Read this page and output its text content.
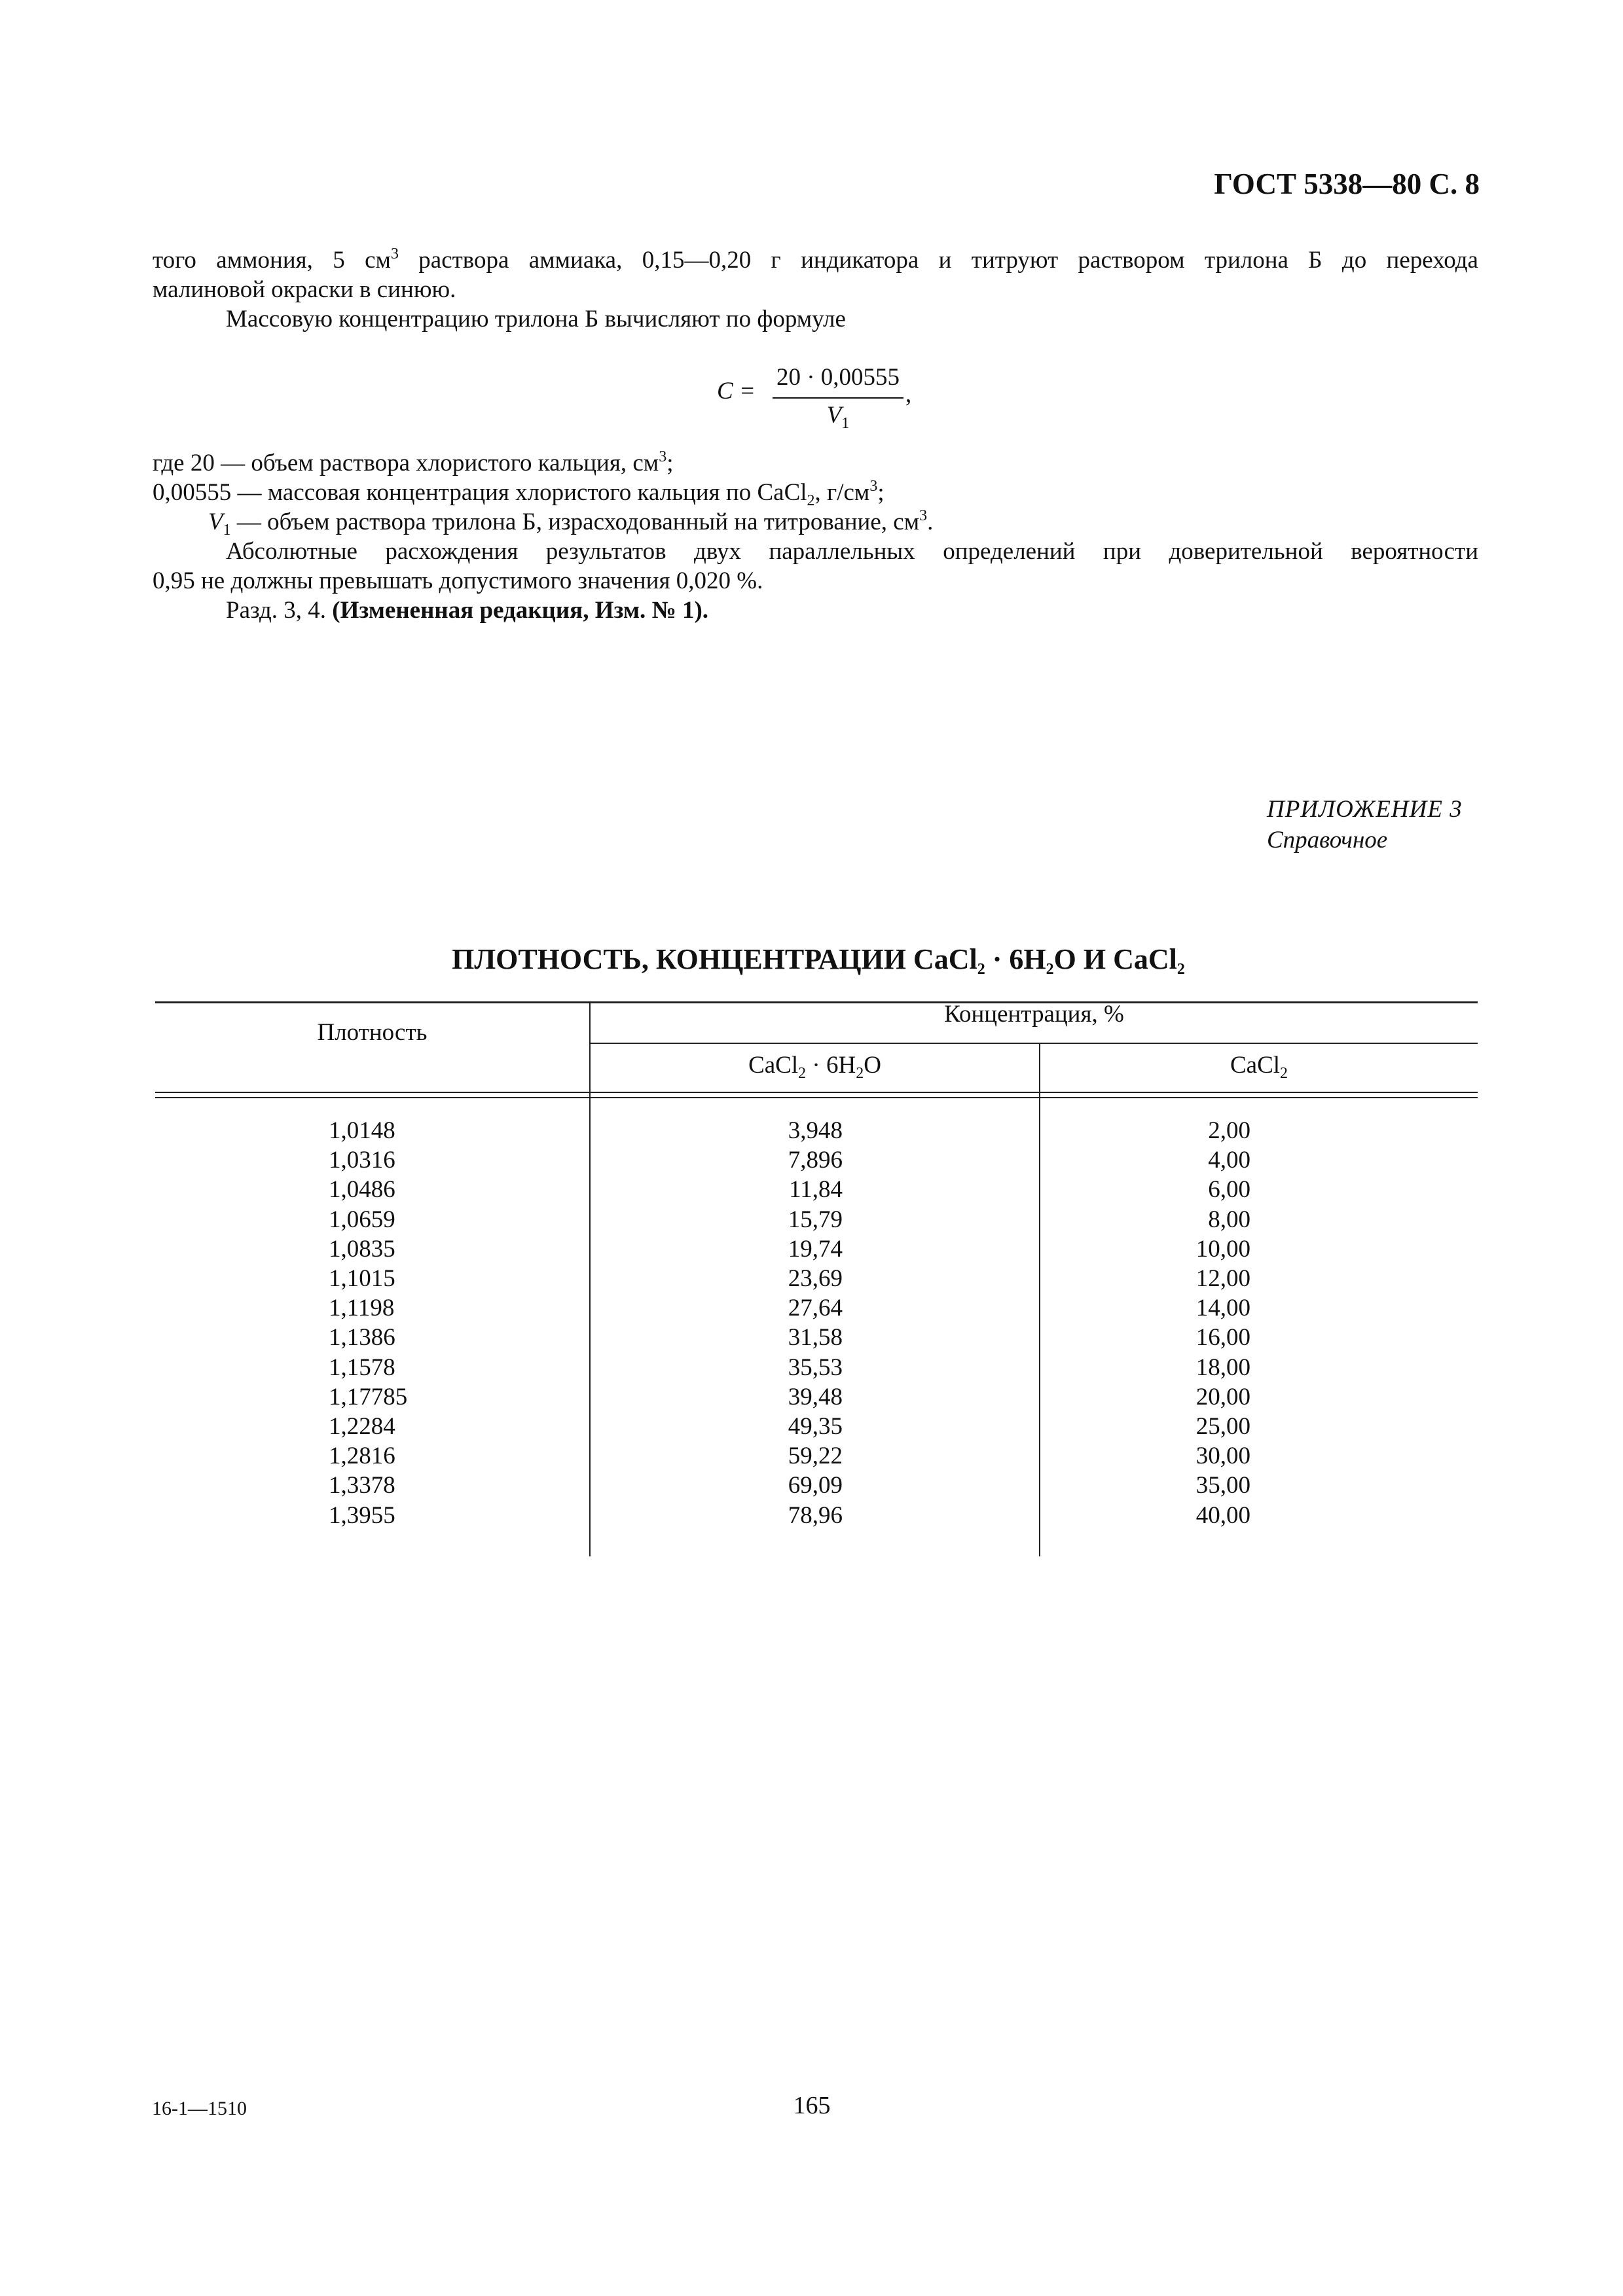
ГОСТ 5338—80 С. 8
того аммония, 5 $см^3$ раствора аммиака, 0,15—0,20 г индикатора и титруют раствором трилона Б до перехода
малиновой окраски в синюю.
Массовую концентрацию трилона Б вычисляют по формуле
C =
20 · 0,00555
$V_1$
,
где 20 — объем раствора хлористого кальция, $см^3$;
0,00555 — массовая концентрация хлористого кальция по CaCl$_2$, $г/см^3$;
$V_1$ — объем раствора трилона Б, израсходованный на титрование, $см^3$.
Абсолютные расхождения результатов двух параллельных определений при доверительной вероятности
0,95 не должны превышать допустимого значения 0,020 %.
Разд. 3, 4. (Измененная редакция, Изм. № 1).
ПРИЛОЖЕНИЕ 3
Справочное
ПЛОТНОСТЬ, КОНЦЕНТРАЦИИ CaCl$_2$ · $6H_2O$ И CaCl$_2$
Плотность
Концентрация, %
CaCl$_2$ · $6H_2O$	CaCl$_2$
1,0148
1,0316
1,0486
1,0659
1,0835
1,1015
1,1198
1,1386
1,1578
1,17785
1,2284
1,2816
1,3378
1,3955
3,948
7,896
11,84
15,79
19,74
23,69
27,64
31,58
35,53
39,48
49,35
59,22
69,09
78,96
2,00
4,00
6,00
8,00
10,00
12,00
14,00
16,00
18,00
20,00
25,00
30,00
35,00
40,00
16-1—1510	165
